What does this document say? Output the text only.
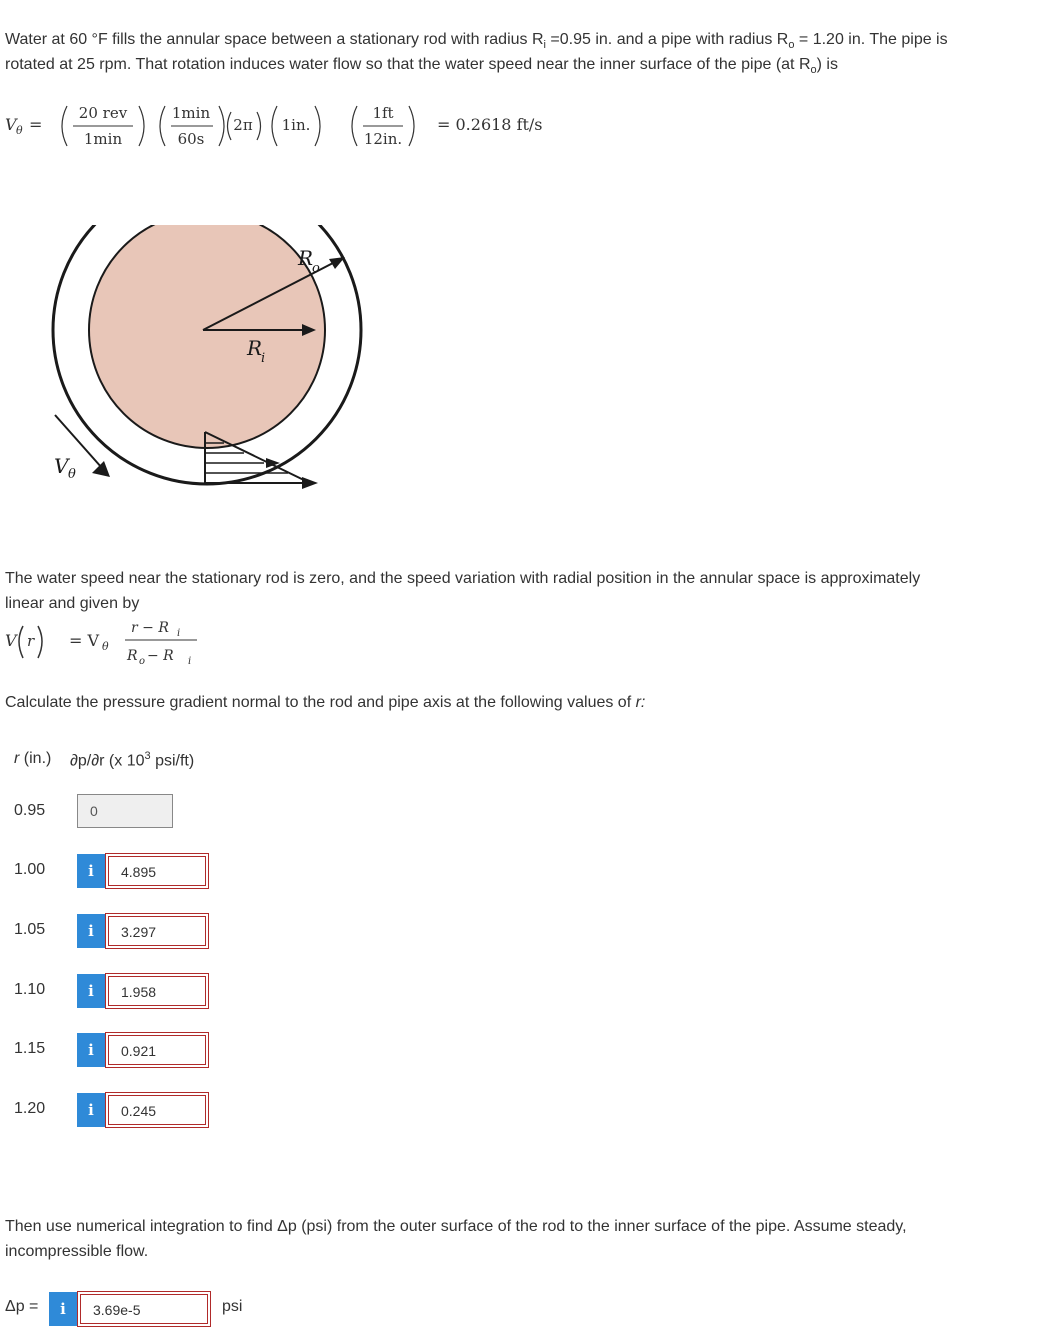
Water at 60 °F fills the annular space between a stationary rod with radius $R_i =0.95$ in. and a pipe with radius $R_o = 1.20$ in. The pipe is

rotated at 25 rpm. That rotation induces water flow so that the water speed near the inner surface of the pipe (at $R_o$) is

V θ =
20 rev
1min
1min
60s
2π 1in.
1ft
12in.
= 0.2618 ft/s
R
o
R
i
V θ

The water speed near the stationary rod is zero, and the speed variation with radial position in the annular space is approximately

linear and given by

V r = V θ
r − R i
R o − R i

Calculate the pressure gradient normal to the rod and pipe axis at the following values of r:

r (in.) ∂p/∂r (x $10^3$ psi/ft)
0.95	0
1.00	i	4.895
1.05	i	3.297
1.10	i	1.958
1.15	i	0.921
1.20	i	0.245

Then use numerical integration to find Δp (psi) from the outer surface of the rod to the inner surface of the pipe. Assume steady,

incompressible flow.

Δp =	i	3.69e-5	psi
